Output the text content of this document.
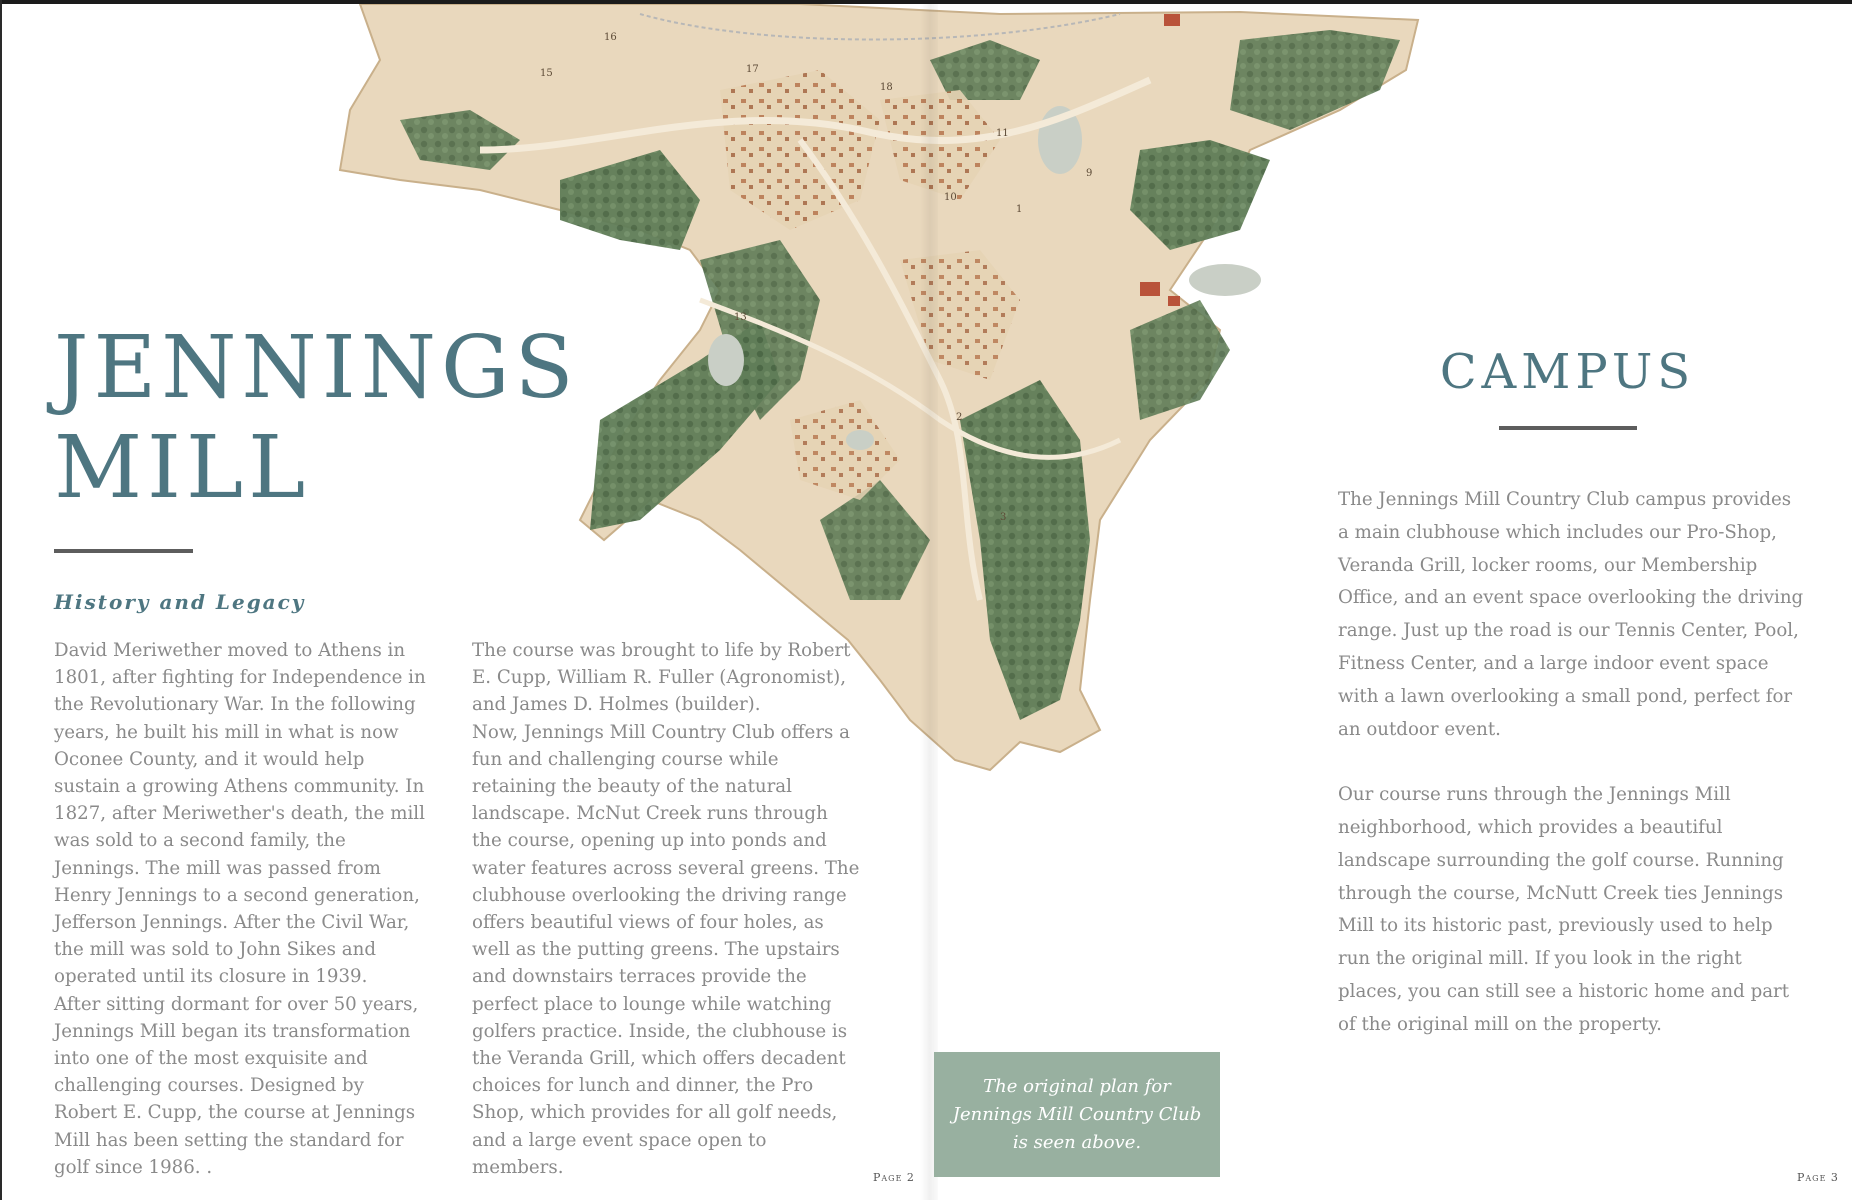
15
16
17
18
10
1
2
3
9
13
11
JENNINGS
MILL
History and Legacy

David Meriwether moved to Athens in 1801, after fighting for Independence in the Revolutionary War. In the following years, he built his mill in what is now Oconee County, and it would help sustain a growing Athens community. In 1827, after Meriwether's death, the mill was sold to a second family, the Jennings. The mill was passed from Henry Jennings to a second generation, Jefferson Jennings. After the Civil War, the mill was sold to John Sikes and operated until its closure in 1939.

After sitting dormant for over 50 years, Jennings Mill began its transformation into one of the most exquisite and challenging courses. Designed by Robert E. Cupp, the course at Jennings Mill has been setting the standard for golf since 1986. .

The course was brought to life by Robert E. Cupp, William R. Fuller (Agronomist), and James D. Holmes (builder).

Now, Jennings Mill Country Club offers a fun and challenging course while retaining the beauty of the natural landscape. McNut Creek runs through the course, opening up into ponds and water features across several greens. The clubhouse overlooking the driving range offers beautiful views of four holes, as well as the putting greens. The upstairs and downstairs terraces provide the perfect place to lounge while watching golfers practice. Inside, the clubhouse is the Veranda Grill, which offers decadent choices for lunch and dinner, the Pro Shop, which provides for all golf needs, and a large event space open to members.	Page 2
CAMPUS

The Jennings Mill Country Club campus provides a main clubhouse which includes our Pro-Shop, Veranda Grill, locker rooms, our Membership Office, and an event space overlooking the driving range. Just up the road is our Tennis Center, Pool, Fitness Center, and a large indoor event space with a lawn overlooking a small pond, perfect for an outdoor event.

Our course runs through the Jennings Mill neighborhood, which provides a beautiful landscape surrounding the golf course. Running through the course, McNutt Creek ties Jennings Mill to its historic past, previously used to help run the original mill. If you look in the right places, you can still see a historic home and part of the original mill on the property.

The original plan for Jennings Mill Country Club is seen above.
Page 3
